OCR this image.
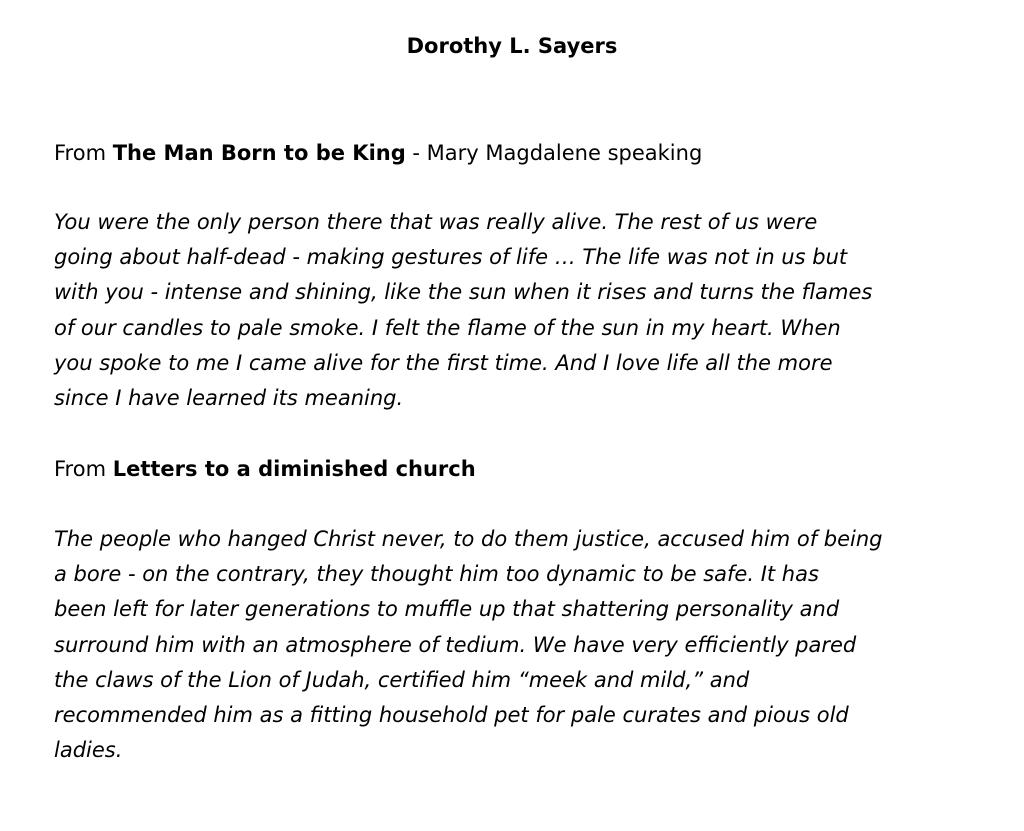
Dorothy L. Sayers

From The Man Born to be King - Mary Magdalene speaking

You were the only person there that was really alive. The rest of us were
going about half-dead - making gestures of life … The life was not in us but
with you - intense and shining, like the sun when it rises and turns the flames
of our candles to pale smoke. I felt the flame of the sun in my heart. When
you spoke to me I came alive for the first time. And I love life all the more
since I have learned its meaning.

From Letters to a diminished church

The people who hanged Christ never, to do them justice, accused him of being
a bore - on the contrary, they thought him too dynamic to be safe. It has
been left for later generations to muffle up that shattering personality and
surround him with an atmosphere of tedium. We have very efficiently pared
the claws of the Lion of Judah, certified him “meek and mild,” and
recommended him as a fitting household pet for pale curates and pious old
ladies.
